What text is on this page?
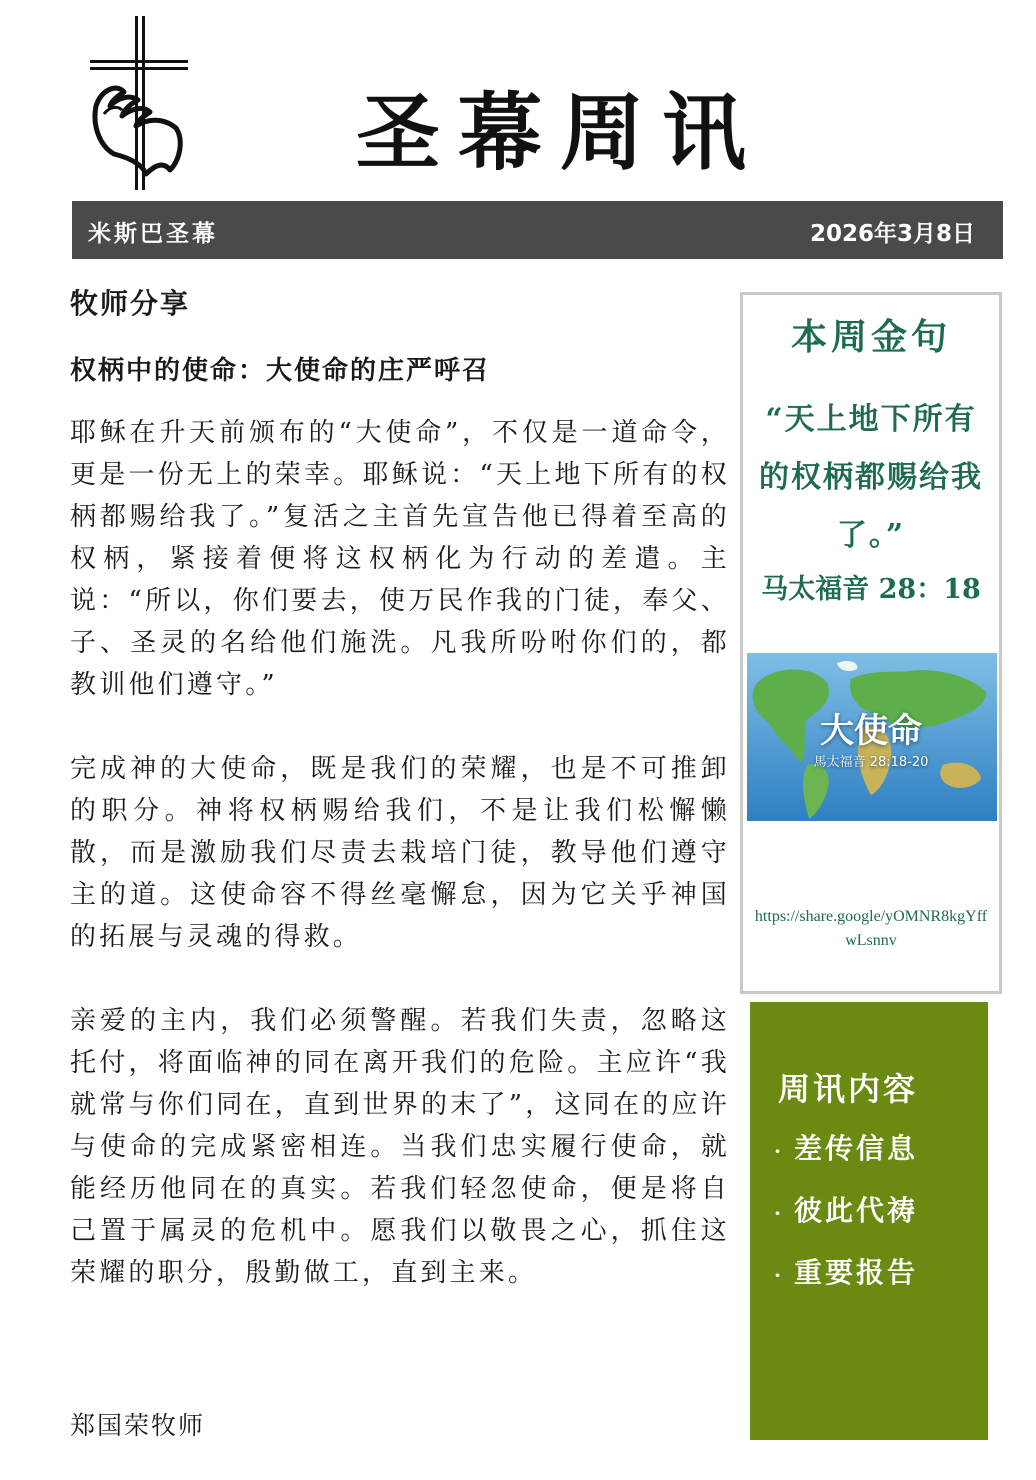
圣幕周讯
米斯巴圣幕	2026年3月8日
牧师分享
权柄中的使命：大使命的庄严呼召

耶稣在升天前颁布的“大使命”，不仅是一道命令，更是一份无上的荣幸。耶稣说：“天上地下所有的权柄都赐给我了。”复活之主首先宣告他已得着至高的权柄，紧接着便将这权柄化为行动的差遣。主说：“所以，你们要去，使万民作我的门徒，奉父、子、圣灵的名给他们施洗。凡我所吩咐你们的，都教训他们遵守。”

完成神的大使命，既是我们的荣耀，也是不可推卸的职分。神将权柄赐给我们，不是让我们松懈懒散，而是激励我们尽责去栽培门徒，教导他们遵守主的道。这使命容不得丝毫懈怠，因为它关乎神国的拓展与灵魂的得救。

亲爱的主内，我们必须警醒。若我们失责，忽略这托付，将面临神的同在离开我们的危险。主应许“我就常与你们同在，直到世界的末了”，这同在的应许与使命的完成紧密相连。当我们忠实履行使命，就能经历他同在的真实。若我们轻忽使命，便是将自己置于属灵的危机中。愿我们以敬畏之心，抓住这荣耀的职分，殷勤做工，直到主来。

郑国荣牧师
本周金句
“天上地下所有的权柄都赐给我了。”
马太福音 28：18
大使命
馬太福音 28:18-20
https://share.google/yOMNR8kgYffwLsnnv
周讯内容
· 差传信息
· 彼此代祷
· 重要报告
